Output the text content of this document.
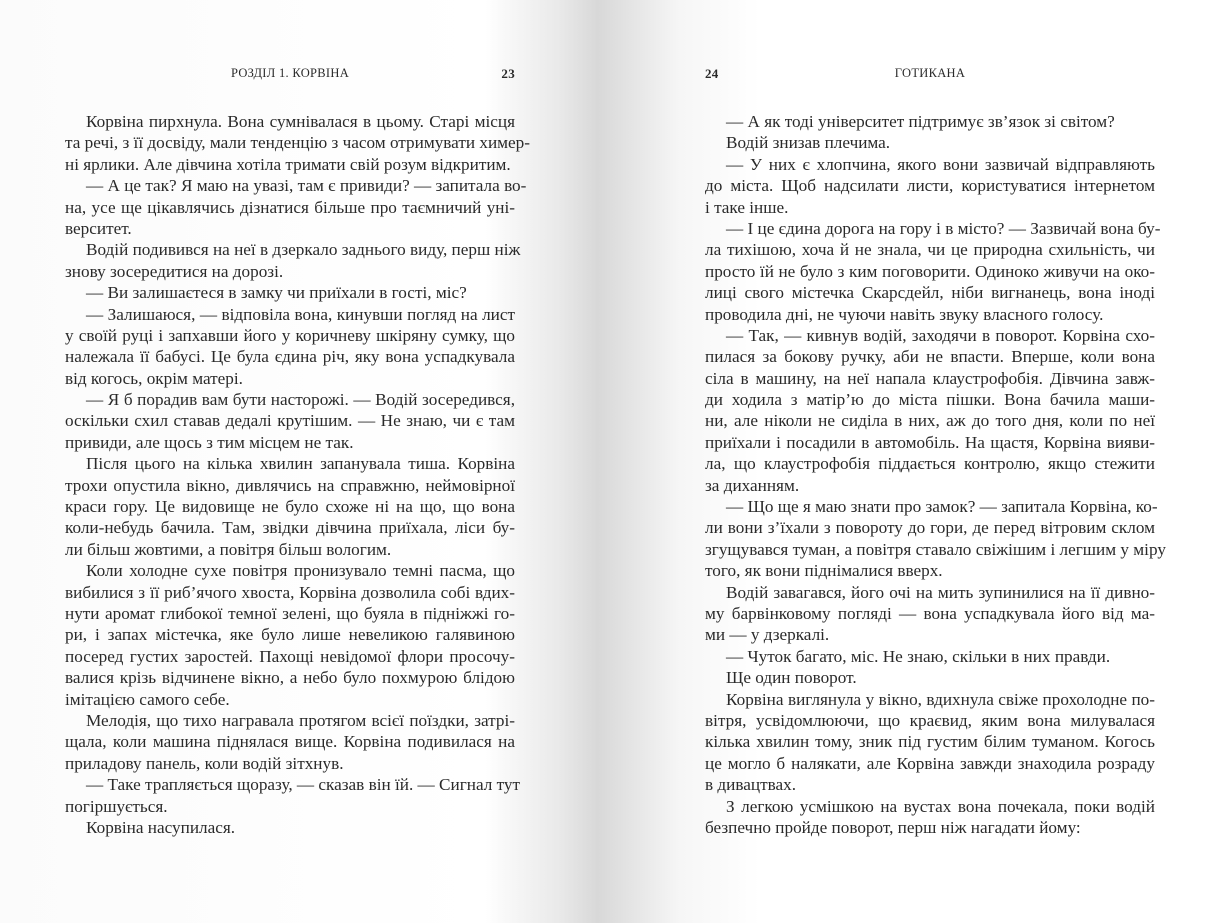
РОЗДІЛ 1. КОРВІНА	23
Корвіна пирхнула. Вона сумнівалася в цьому. Старі місця
та речі, з її досвіду, мали тенденцію з часом отримувати химер-
ні ярлики. Але дівчина хотіла тримати свій розум відкритим.
— А це так? Я маю на увазі, там є привиди? — запитала во-
на, усе ще цікавлячись дізнатися більше про таємничий уні-
верситет.
Водій подивився на неї в дзеркало заднього виду, перш ніж
знову зосередитися на дорозі.
— Ви залишаєтеся в замку чи приїхали в гості, міс?
— Залишаюся, — відповіла вона, кинувши погляд на лист
у своїй руці і запхавши його у коричневу шкіряну сумку, що
належала її бабусі. Це була єдина річ, яку вона успадкувала
від когось, окрім матері.
— Я б порадив вам бути насторожі. — Водій зосередився,
оскільки схил ставав дедалі крутішим. — Не знаю, чи є там
привиди, але щось з тим місцем не так.
Після цього на кілька хвилин запанувала тиша. Корвіна
трохи опустила вікно, дивлячись на справжню, неймовірної
краси гору. Це видовище не було схоже ні на що, що вона
коли-небудь бачила. Там, звідки дівчина приїхала, ліси бу-
ли більш жовтими, а повітря більш вологим.
Коли холодне сухе повітря пронизувало темні пасма, що
вибилися з її риб’ячого хвоста, Корвіна дозволила собі вдих-
нути аромат глибокої темної зелені, що буяла в підніжжі го-
ри, і запах містечка, яке було лише невеликою галявиною
посеред густих заростей. Пахощі невідомої флори просочу-
валися крізь відчинене вікно, а небо було похмурою блідою
імітацією самого себе.
Мелодія, що тихо награвала протягом всієї поїздки, затрі-
щала, коли машина піднялася вище. Корвіна подивилася на
приладову панель, коли водій зітхнув.
— Таке трапляється щоразу, — сказав він їй. — Сигнал тут
погіршується.
Корвіна насупилася.
24	ГОТИКАНА
— А як тоді університет підтримує зв’язок зі світом?
Водій знизав плечима.
— У них є хлопчина, якого вони зазвичай відправляють
до міста. Щоб надсилати листи, користуватися інтернетом
і таке інше.
— І це єдина дорога на гору і в місто? — Зазвичай вона бу-
ла тихішою, хоча й не знала, чи це природна схильність, чи
просто їй не було з ким поговорити. Одиноко живучи на око-
лиці свого містечка Скарсдейл, ніби вигнанець, вона іноді
проводила дні, не чуючи навіть звуку власного голосу.
— Так, — кивнув водій, заходячи в поворот. Корвіна схо-
пилася за бокову ручку, аби не впасти. Вперше, коли вона
сіла в машину, на неї напала клаустрофобія. Дівчина завж-
ди ходила з матір’ю до міста пішки. Вона бачила маши-
ни, але ніколи не сиділа в них, аж до того дня, коли по неї
приїхали і посадили в автомобіль. На щастя, Корвіна вияви-
ла, що клаустрофобія піддається контролю, якщо стежити
за диханням.
— Що ще я маю знати про замок? — запитала Корвіна, ко-
ли вони з’їхали з повороту до гори, де перед вітровим склом
згущувався туман, а повітря ставало свіжішим і легшим у міру
того, як вони піднімалися вверх.
Водій завагався, його очі на мить зупинилися на її дивно-
му барвінковому погляді — вона успадкувала його від ма-
ми — у дзеркалі.
— Чуток багато, міс. Не знаю, скільки в них правди.
Ще один поворот.
Корвіна виглянула у вікно, вдихнула свіже прохолодне по-
вітря, усвідомлюючи, що краєвид, яким вона милувалася
кілька хвилин тому, зник під густим білим туманом. Когось
це могло б налякати, але Корвіна завжди знаходила розраду
в дивацтвах.
З легкою усмішкою на вустах вона почекала, поки водій
безпечно пройде поворот, перш ніж нагадати йому:
